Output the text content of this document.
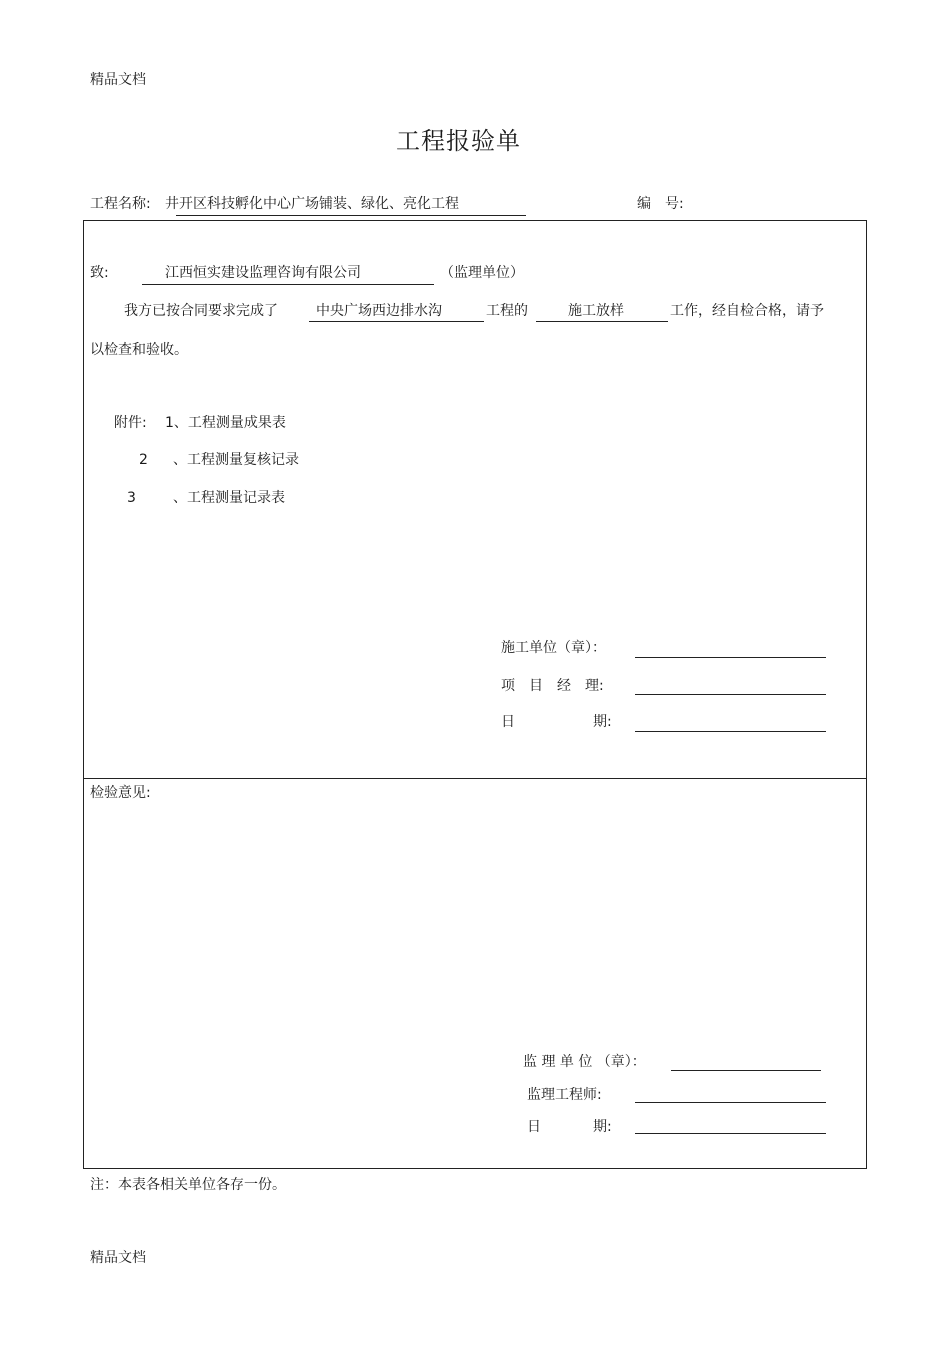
精品文档
工程报验单
工程名称: 井开区科技孵化中心广场铺装、绿化、亮化工程	编　号:
致:	江西恒实建设监理咨询有限公司	（监理单位）
我方已按合同要求完成了	中央广场西边排水沟	工程的	施工放样	工作，经自检合格，请予
以检查和验收。
附件: 1、工程测量成果表
2 、工程测量复核记录
3	、工程测量记录表
施工单位（章）：
项　目　经　理:
日	期:
检验意见:
监 理 单 位 （章）：
监理工程师:
日	期:
注：本表各相关单位各存一份。
精品文档
